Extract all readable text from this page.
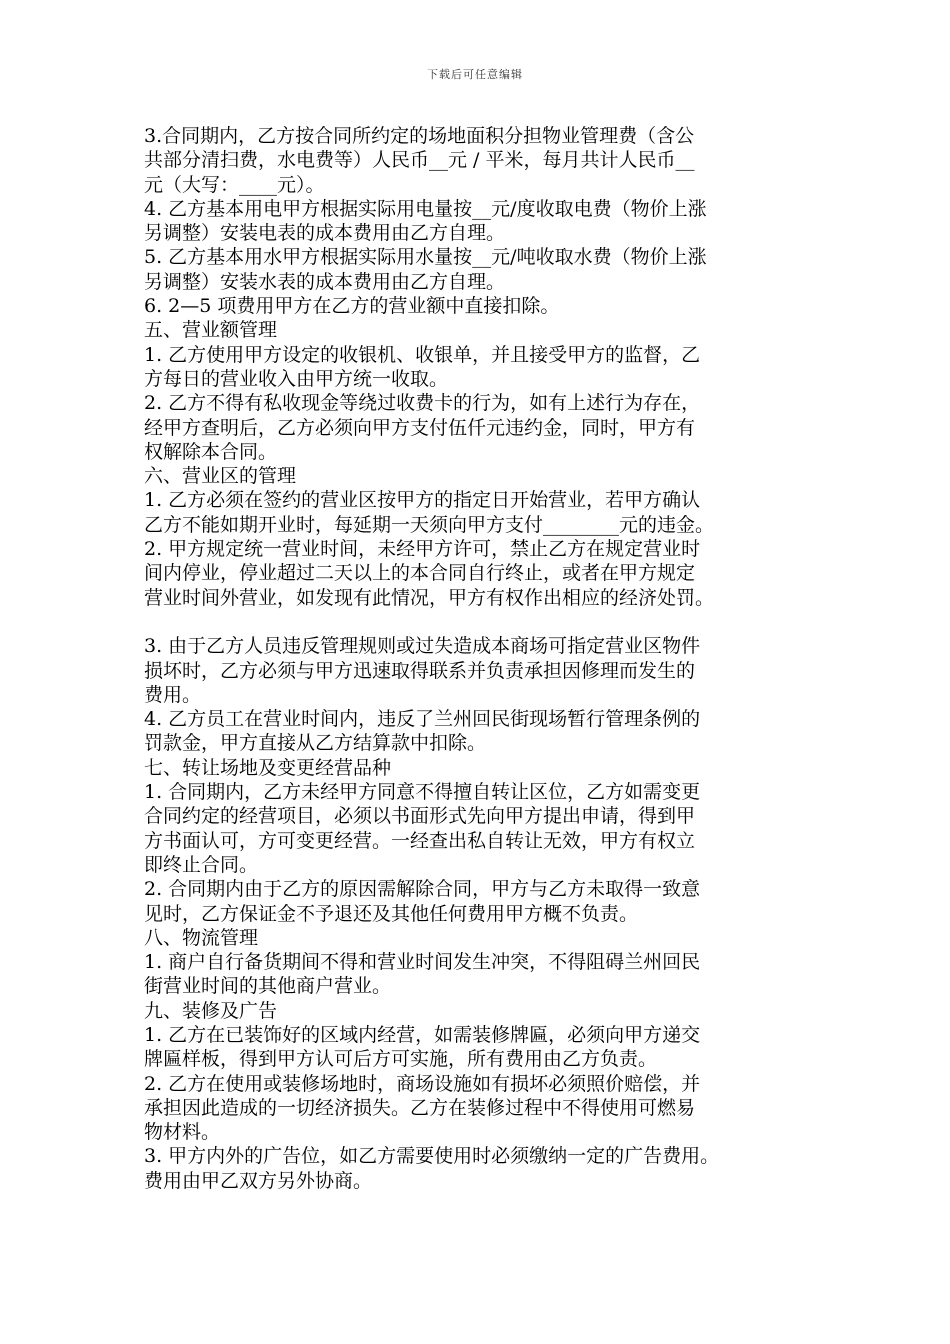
下载后可任意编辑
3.合同期内，乙方按合同所约定的场地面积分担物业管理费（含公
共部分清扫费，水电费等）人民币__元 / 平米，每月共计人民币__
元（大写：____元）。
4. 乙方基本用电甲方根据实际用电量按__元/度收取电费（物价上涨
另调整）安装电表的成本费用由乙方自理。
5. 乙方基本用水甲方根据实际用水量按__元/吨收取水费（物价上涨
另调整）安装水表的成本费用由乙方自理。
6. 2—5 项费用甲方在乙方的营业额中直接扣除。
五、营业额管理
1. 乙方使用甲方设定的收银机、收银单，并且接受甲方的监督，乙
方每日的营业收入由甲方统一收取。
2. 乙方不得有私收现金等绕过收费卡的行为，如有上述行为存在，
经甲方查明后，乙方必须向甲方支付伍仟元违约金，同时，甲方有
权解除本合同。
六、营业区的管理
1. 乙方必须在签约的营业区按甲方的指定日开始营业，若甲方确认
乙方不能如期开业时，每延期一天须向甲方支付________元的违金。
2. 甲方规定统一营业时间，未经甲方许可，禁止乙方在规定营业时
间内停业，停业超过二天以上的本合同自行终止，或者在甲方规定
营业时间外营业，如发现有此情况，甲方有权作出相应的经济处罚。
3. 由于乙方人员违反管理规则或过失造成本商场可指定营业区物件
损坏时，乙方必须与甲方迅速取得联系并负责承担因修理而发生的
费用。
4. 乙方员工在营业时间内，违反了兰州回民街现场暂行管理条例的
罚款金，甲方直接从乙方结算款中扣除。
七、转让场地及变更经营品种
1. 合同期内，乙方未经甲方同意不得擅自转让区位，乙方如需变更
合同约定的经营项目，必须以书面形式先向甲方提出申请，得到甲
方书面认可，方可变更经营。一经查出私自转让无效，甲方有权立
即终止合同。
2. 合同期内由于乙方的原因需解除合同，甲方与乙方未取得一致意
见时，乙方保证金不予退还及其他任何费用甲方概不负责。
八、物流管理
1. 商户自行备货期间不得和营业时间发生冲突，不得阻碍兰州回民
街营业时间的其他商户营业。
九、装修及广告
1. 乙方在已装饰好的区域内经营，如需装修牌匾，必须向甲方递交
牌匾样板，得到甲方认可后方可实施，所有费用由乙方负责。
2. 乙方在使用或装修场地时，商场设施如有损坏必须照价赔偿，并
承担因此造成的一切经济损失。乙方在装修过程中不得使用可燃易
物材料。
3. 甲方内外的广告位，如乙方需要使用时必须缴纳一定的广告费用。
费用由甲乙双方另外协商。
